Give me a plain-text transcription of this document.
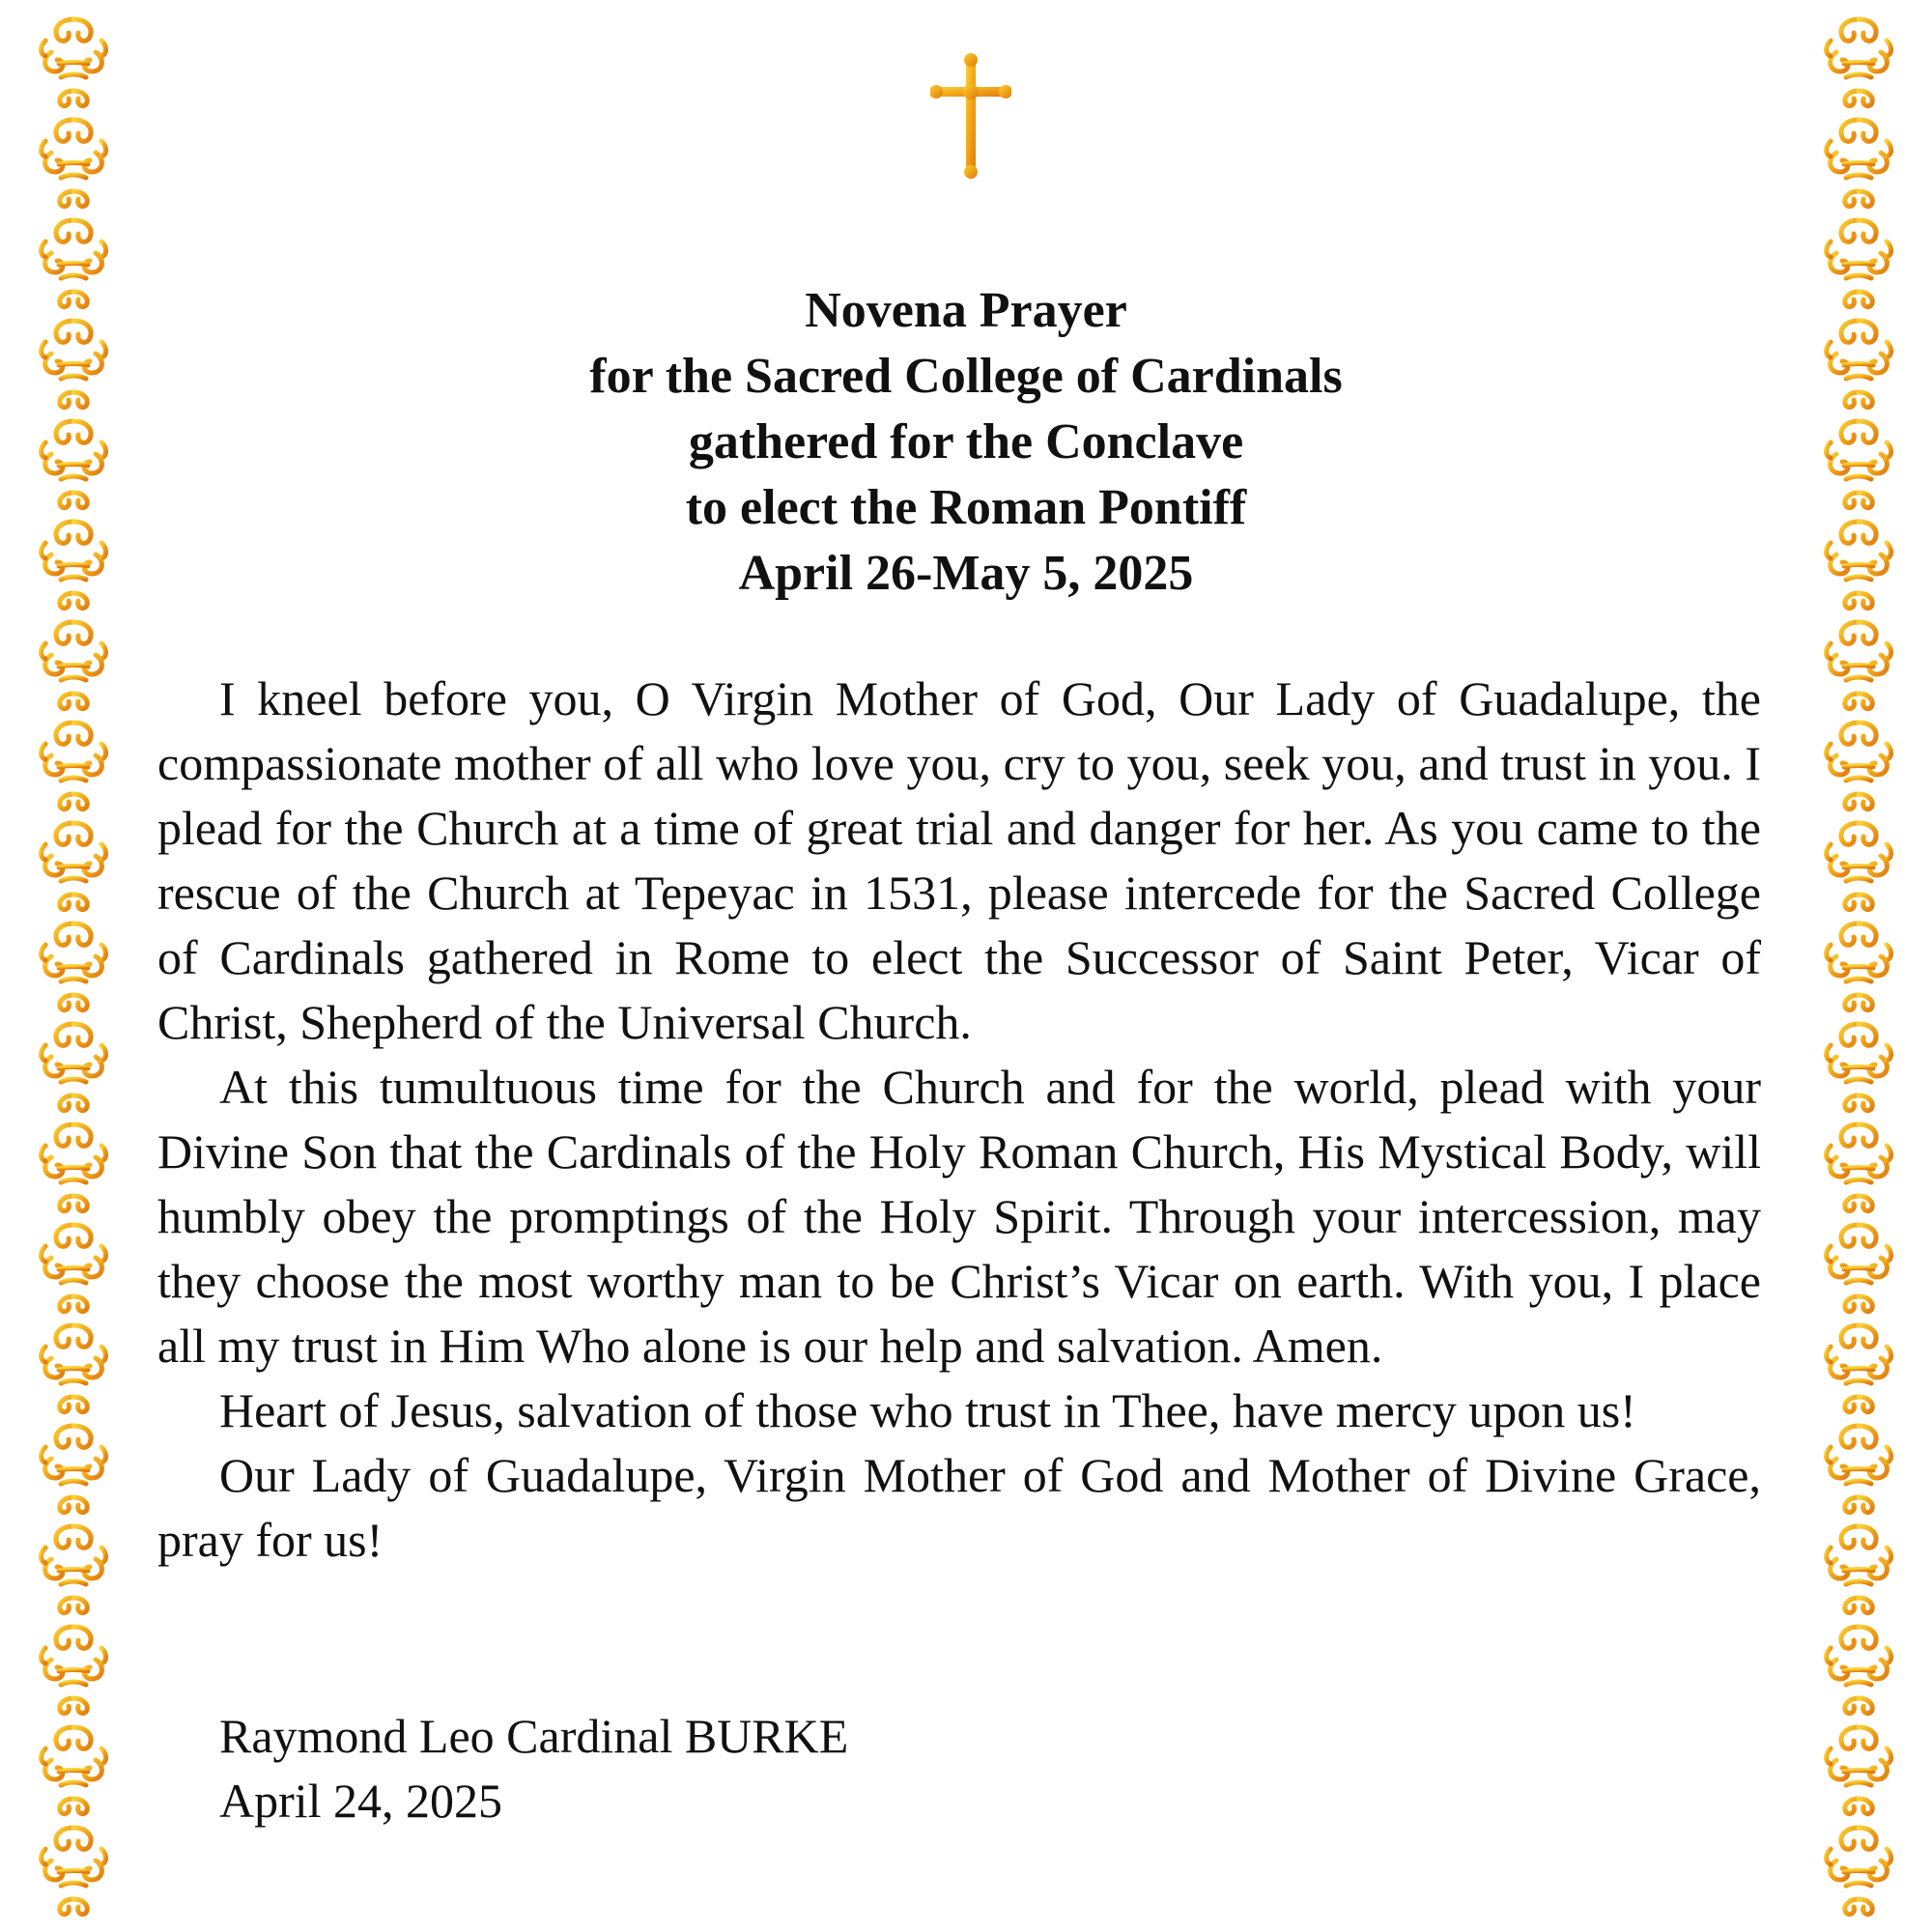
Novena Prayer
for the Sacred College of Cardinals
gathered for the Conclave
to elect the Roman Pontiff
April 26-May 5, 2025

I kneel before you, O Virgin Mother of God, Our Lady of Guadalupe, the compassionate mother of all who love you, cry to you, seek you, and trust in you. I plead for the Church at a time of great trial and danger for her. As you came to the rescue of the Church at Tepeyac in 1531, please intercede for the Sacred College of Cardinals gathered in Rome to elect the Successor of Saint Peter, Vicar of Christ, Shepherd of the Universal Church.

At this tumultuous time for the Church and for the world, plead with your Divine Son that the Cardinals of the Holy Roman Church, His Mystical Body, will humbly obey the promptings of the Holy Spirit. Through your intercession, may they choose the most worthy man to be Christ’s Vicar on earth. With you, I place all my trust in Him Who alone is our help and salvation. Amen.

Heart of Jesus, salvation of those who trust in Thee, have mercy upon us!

Our Lady of Guadalupe, Virgin Mother of God and Mother of Divine Grace, pray for us!

Raymond Leo Cardinal BURKE
April 24, 2025
